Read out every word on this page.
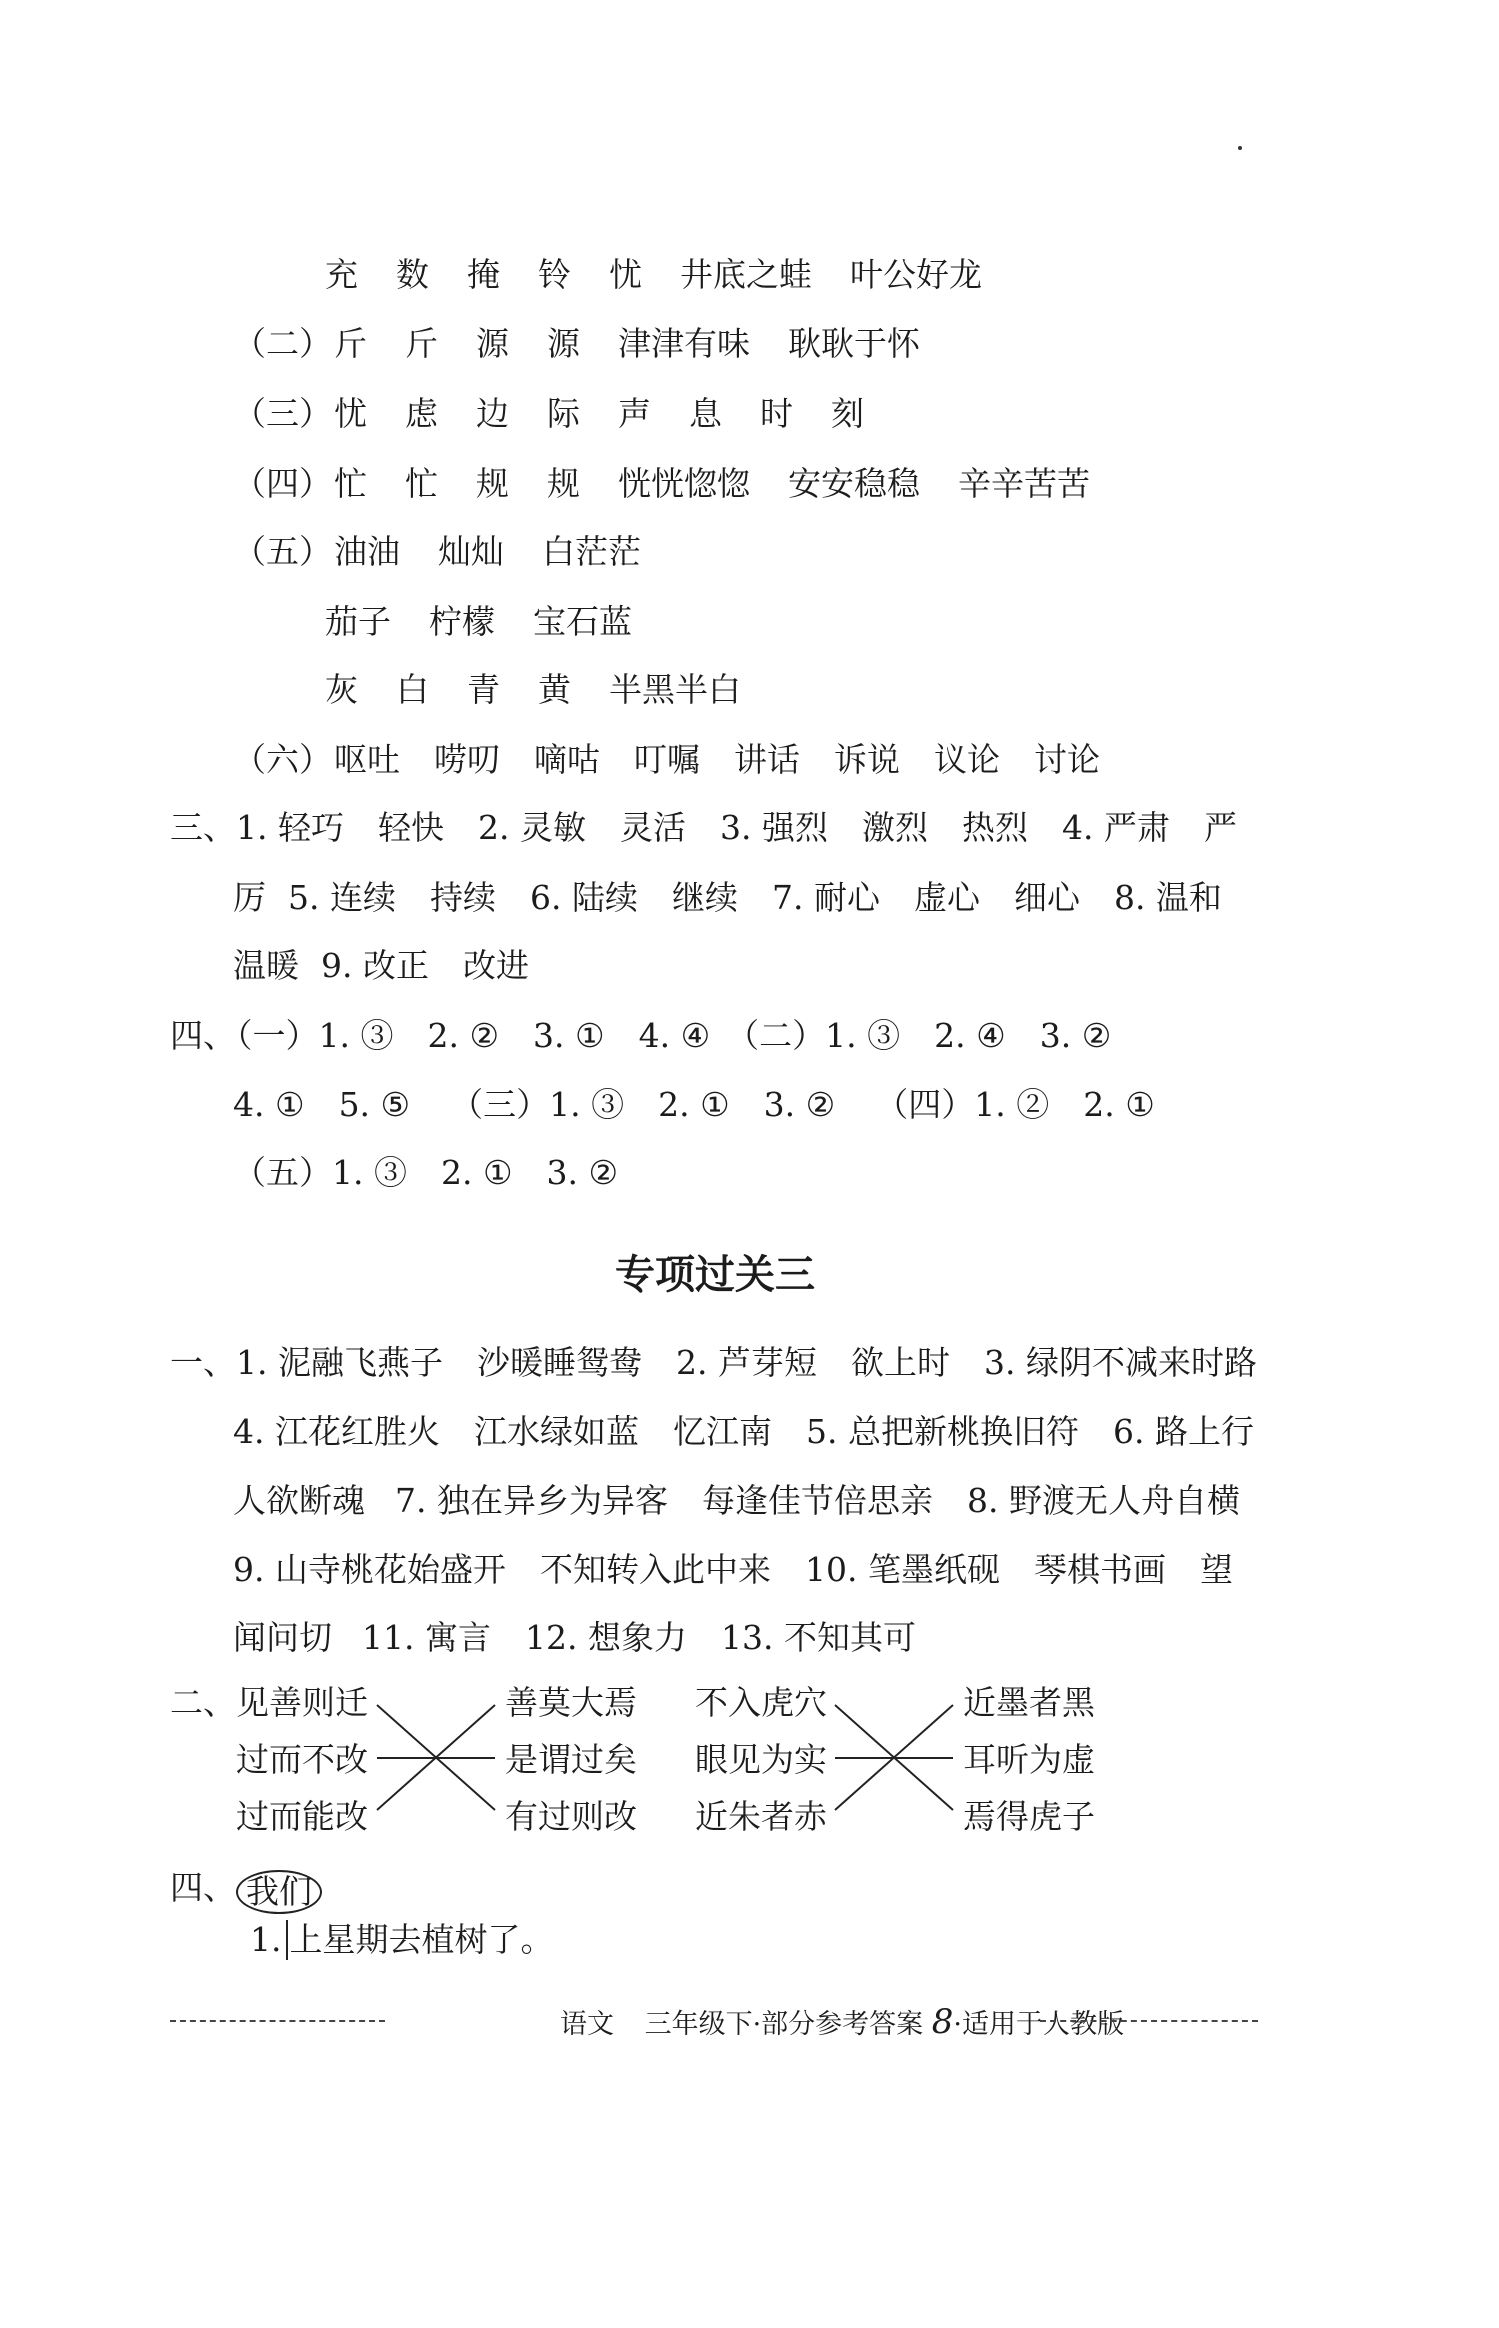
充 数 掩 铃 忧 井底之蛙 叶公好龙
（二）斤 斤 源 源 津津有味 耿耿于怀
（三）忧 虑 边 际 声 息 时 刻
（四）忙 忙 规 规 恍恍惚惚 安安稳稳 辛辛苦苦
（五）油油 灿灿 白茫茫
茄子 柠檬 宝石蓝
灰 白 青 黄 半黑半白
（六）呕吐 唠叨 嘀咕 叮嘱 讲话 诉说 议论 讨论
三、1. 轻巧 轻快 2. 灵敏 灵活 3. 强烈 激烈 热烈 4. 严肃 严
厉 5. 连续 持续 6. 陆续 继续 7. 耐心 虚心 细心 8. 温和
温暖 9. 改正 改进
四、（一）1. ③ 2. ② 3. ① 4. ④ （二）1. ③ 2. ④ 3. ②
4. ① 5. ⑤ （三）1. ③ 2. ① 3. ② （四）1. ② 2. ①
（五）1. ③ 2. ① 3. ②
专项过关三
一、1. 泥融飞燕子 沙暖睡鸳鸯 2. 芦芽短 欲上时 3. 绿阴不减来时路
4. 江花红胜火 江水绿如蓝 忆江南 5. 总把新桃换旧符 6. 路上行
人欲断魂 7. 独在异乡为异客 每逢佳节倍思亲 8. 野渡无人舟自横
9. 山寺桃花始盛开 不知转入此中来 10. 笔墨纸砚 琴棋书画 望
闻问切 11. 寓言 12. 想象力 13. 不知其可
二、 见善则迁
过而不改
过而能改
善莫大焉
是谓过矣
有过则改
不入虎穴
眼见为实
近朱者赤
近墨者黑
耳听为虚
焉得虎子
四、 我们
1. 上星期去植树了。
语文 三年级下·部分参考答案 8·适用于人教版
